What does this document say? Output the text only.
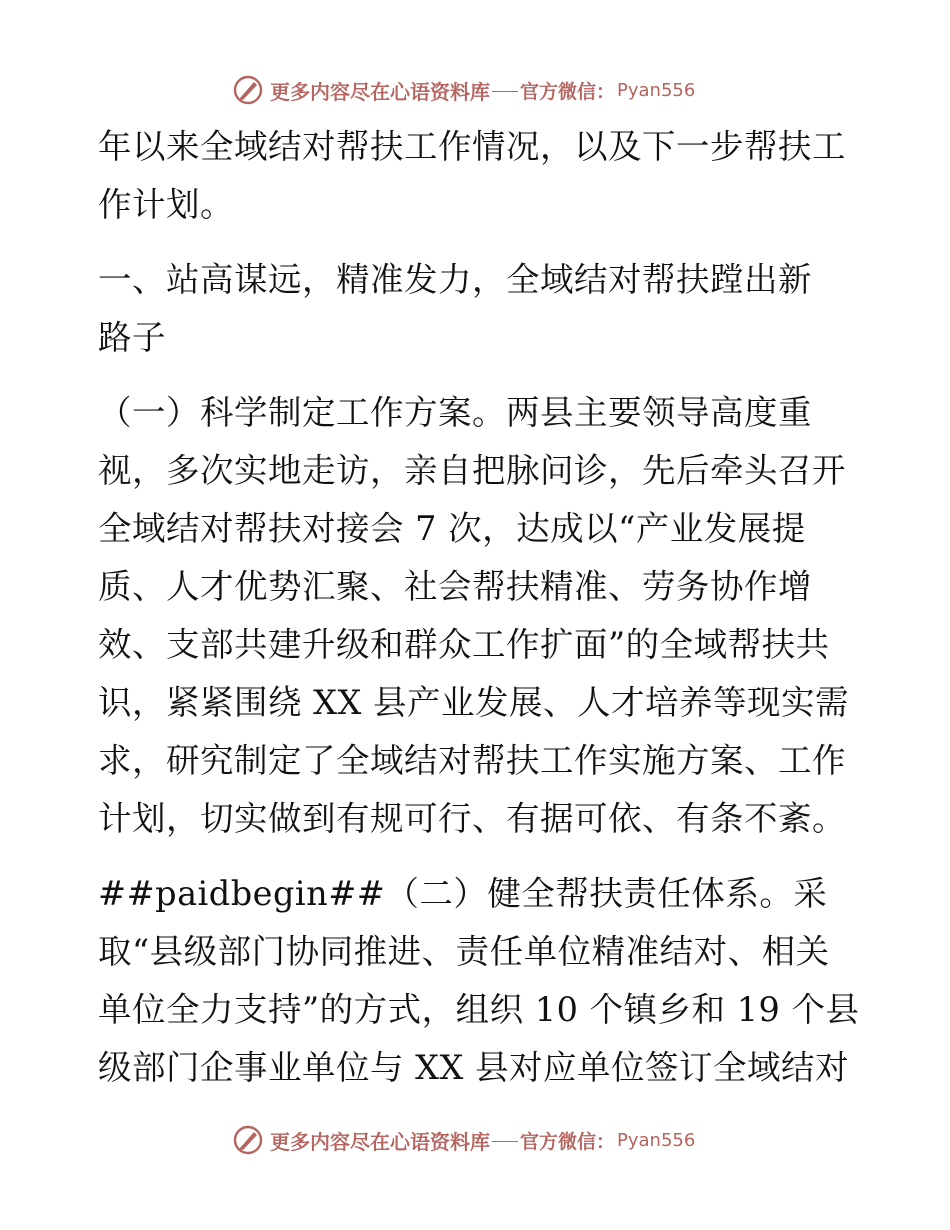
更多内容尽在心语资料库 官方微信： Pyan556
年以来全域结对帮扶工作情况，以及下一步帮扶工
作计划。
一、站高谋远，精准发力，全域结对帮扶蹚出新
路子
（一）科学制定工作方案。两县主要领导高度重
视，多次实地走访，亲自把脉问诊，先后牵头召开
全域结对帮扶对接会 7 次，达成以“产业发展提
质、人才优势汇聚、社会帮扶精准、劳务协作增
效、支部共建升级和群众工作扩面”的全域帮扶共
识，紧紧围绕 XX 县产业发展、人才培养等现实需
求，研究制定了全域结对帮扶工作实施方案、工作
计划，切实做到有规可行、有据可依、有条不紊。
##paidbegin##（二）健全帮扶责任体系。采
取“县级部门协同推进、责任单位精准结对、相关
单位全力支持”的方式，组织 10 个镇乡和 19 个县
级部门企事业单位与 XX 县对应单位签订全域结对
更多内容尽在心语资料库 官方微信： Pyan556
